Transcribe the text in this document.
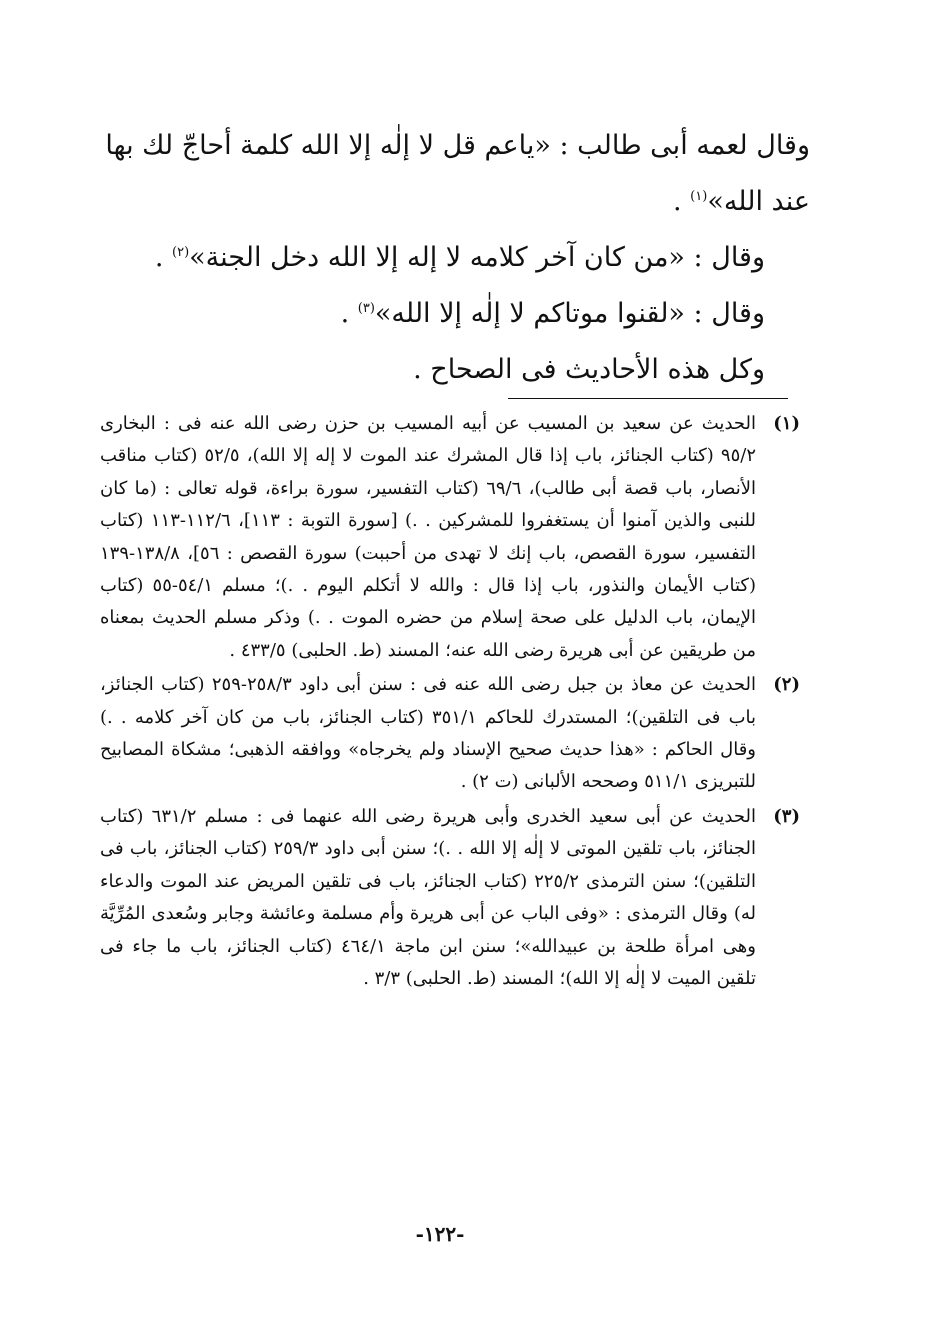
وقال لعمه أبى طالب : «ياعم قل لا إلٰه إلا الله كلمة أحاجّ لك بها عند الله»$^{(١)}$ .

وقال : «من كان آخر كلامه لا إله إلا الله دخل الجنة»$^{(٢)}$ .

وقال : «لقنوا موتاكم لا إلٰه إلا الله»$^{(٣)}$ .

وكل هذه الأحاديث فى الصحاح .

(١)
الحديث عن سعيد بن المسيب عن أبيه المسيب بن حزن رضى الله عنه فى : البخارى ٩٥/٢ (كتاب الجنائز، باب إذا قال المشرك عند الموت لا إله إلا الله)، ٥٢/٥ (كتاب مناقب الأنصار، باب قصة أبى طالب)، ٦٩/٦ (كتاب التفسير، سورة براءة، قوله تعالى : (ما كان للنبى والذين آمنوا أن يستغفروا للمشركين . .) [سورة التوبة : ١١٣]، ١١٢/٦-١١٣ (كتاب التفسير، سورة القصص، باب إنك لا تهدى من أحببت) سورة القصص : ٥٦]، ١٣٨/٨-١٣٩ (كتاب الأيمان والنذور، باب إذا قال : والله لا أتكلم اليوم . .)؛ مسلم ٥٤/١-٥٥ (كتاب الإيمان، باب الدليل على صحة إسلام من حضره الموت . .) وذكر مسلم الحديث بمعناه من طريقين عن أبى هريرة رضى الله عنه؛ المسند (ط. الحلبى) ٤٣٣/٥ .
(٢)
الحديث عن معاذ بن جبل رضى الله عنه فى : سنن أبى داود ٢٥٨/٣-٢٥٩ (كتاب الجنائز، باب فى التلقين)؛ المستدرك للحاكم ٣٥١/١ (كتاب الجنائز، باب من كان آخر كلامه . .) وقال الحاكم : «هذا حديث صحيح الإسناد ولم يخرجاه» ووافقه الذهبى؛ مشكاة المصابيح للتبريزى ٥١١/١ وصححه الألبانى (ت ٢) .
(٣)
الحديث عن أبى سعيد الخدرى وأبى هريرة رضى الله عنهما فى : مسلم ٦٣١/٢ (كتاب الجنائز، باب تلقين الموتى لا إلٰه إلا الله . .)؛ سنن أبى داود ٢٥٩/٣ (كتاب الجنائز، باب فى التلقين)؛ سنن الترمذى ٢٢٥/٢ (كتاب الجنائز، باب فى تلقين المريض عند الموت والدعاء له) وقال الترمذى : «وفى الباب عن أبى هريرة وأم مسلمة وعائشة وجابر وسُعدى المُرِّيَّة وهى امرأة طلحة بن عبيدالله»؛ سنن ابن ماجة ٤٦٤/١ (كتاب الجنائز، باب ما جاء فى تلقين الميت لا إلٰه إلا الله)؛ المسند (ط. الحلبى) ٣/٣ .
-١٢٢-
